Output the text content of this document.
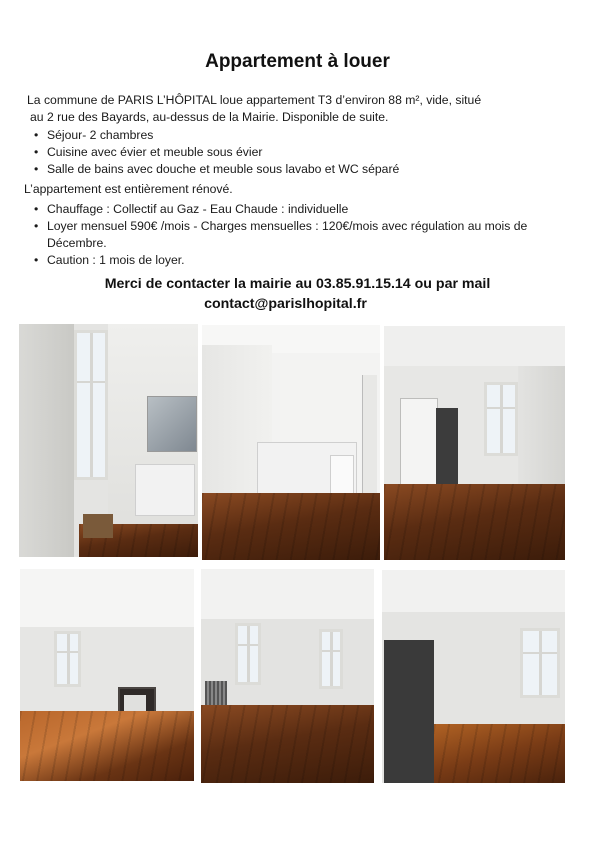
Appartement à louer
La commune de PARIS L’HÔPITAL loue appartement T3 d’environ 88 m², vide, situé
au 2 rue des Bayards, au-dessus de la Mairie. Disponible de suite.
• Séjour- 2 chambres
• Cuisine avec évier et meuble sous évier
• Salle de bains avec douche et meuble sous lavabo et WC séparé
L’appartement est entièrement rénové.
• Chauffage : Collectif au Gaz - Eau Chaude : individuelle
• Loyer mensuel 590€ /mois - Charges mensuelles : 120€/mois avec régulation au mois de Décembre.
• Caution : 1 mois de loyer.
Merci de contacter la mairie au 03.85.91.15.14 ou par mail
contact@parislhopital.fr
